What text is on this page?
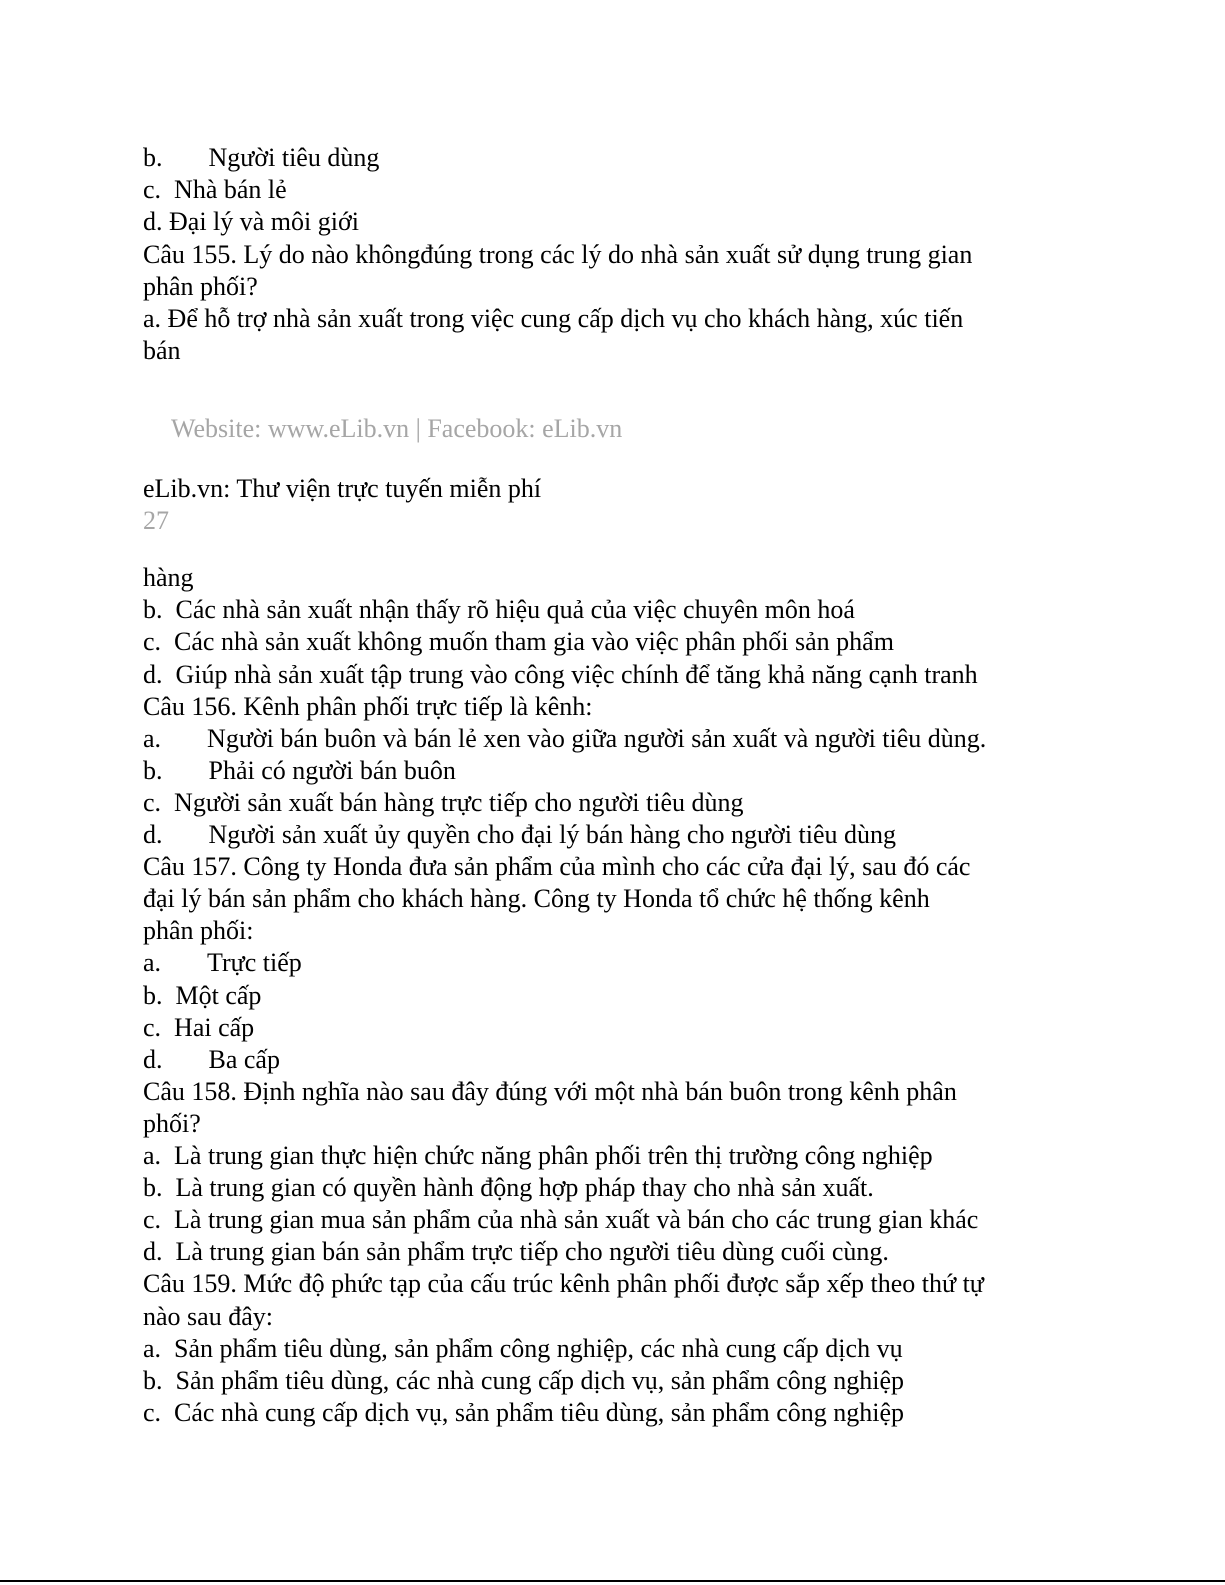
b. Người tiêu dùng
c. Nhà bán lẻ
d. Đại lý và môi giới
Câu 155. Lý do nào khôngđúng trong các lý do nhà sản xuất sử dụng trung gian
phân phối?
a. Để hỗ trợ nhà sản xuất trong việc cung cấp dịch vụ cho khách hàng, xúc tiến
bán
Website: www.eLib.vn | Facebook: eLib.vn
eLib.vn: Thư viện trực tuyến miễn phí
27
hàng
b. Các nhà sản xuất nhận thấy rõ hiệu quả của việc chuyên môn hoá
c. Các nhà sản xuất không muốn tham gia vào việc phân phối sản phẩm
d. Giúp nhà sản xuất tập trung vào công việc chính để tăng khả năng cạnh tranh
Câu 156. Kênh phân phối trực tiếp là kênh:
a. Người bán buôn và bán lẻ xen vào giữa người sản xuất và người tiêu dùng.
b. Phải có người bán buôn
c. Người sản xuất bán hàng trực tiếp cho người tiêu dùng
d. Người sản xuất ủy quyền cho đại lý bán hàng cho người tiêu dùng
Câu 157. Công ty Honda đưa sản phẩm của mình cho các cửa đại lý, sau đó các
đại lý bán sản phẩm cho khách hàng. Công ty Honda tổ chức hệ thống kênh
phân phối:
a. Trực tiếp
b. Một cấp
c. Hai cấp
d. Ba cấp
Câu 158. Định nghĩa nào sau đây đúng với một nhà bán buôn trong kênh phân
phối?
a. Là trung gian thực hiện chức năng phân phối trên thị trường công nghiệp
b. Là trung gian có quyền hành động hợp pháp thay cho nhà sản xuất.
c. Là trung gian mua sản phẩm của nhà sản xuất và bán cho các trung gian khác
d. Là trung gian bán sản phẩm trực tiếp cho người tiêu dùng cuối cùng.
Câu 159. Mức độ phức tạp của cấu trúc kênh phân phối được sắp xếp theo thứ tự
nào sau đây:
a. Sản phẩm tiêu dùng, sản phẩm công nghiệp, các nhà cung cấp dịch vụ
b. Sản phẩm tiêu dùng, các nhà cung cấp dịch vụ, sản phẩm công nghiệp
c. Các nhà cung cấp dịch vụ, sản phẩm tiêu dùng, sản phẩm công nghiệp
